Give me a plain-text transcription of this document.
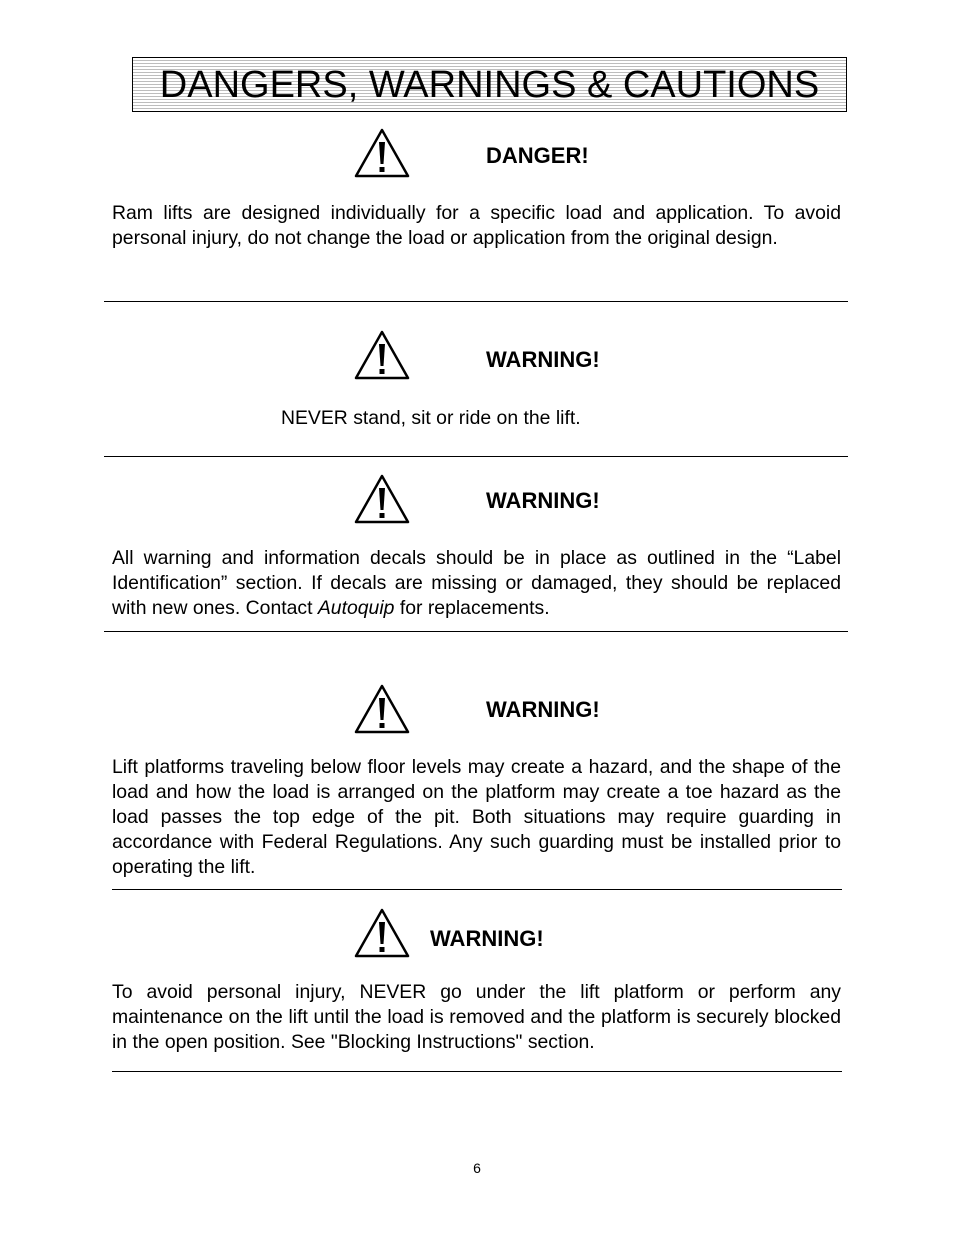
DANGERS, WARNINGS & CAUTIONS
DANGER!

Ram lifts are designed individually for a specific load and application. To avoid personal injury, do not change the load or application from the original design.

WARNING!

NEVER stand, sit or ride on the lift.

WARNING!

All warning and information decals should be in place as outlined in the “Label Identification” section. If decals are missing or damaged, they should be replaced with new ones. Contact Autoquip for replacements.

WARNING!

Lift platforms traveling below floor levels may create a hazard, and the shape of the load and how the load is arranged on the platform may create a toe hazard as the load passes the top edge of the pit. Both situations may require guarding in accordance with Federal Regulations. Any such guarding must be installed prior to operating the lift.

WARNING!

To avoid personal injury, NEVER go under the lift platform or perform any maintenance on the lift until the load is removed and the platform is securely blocked in the open position. See "Blocking Instructions" section.

6
